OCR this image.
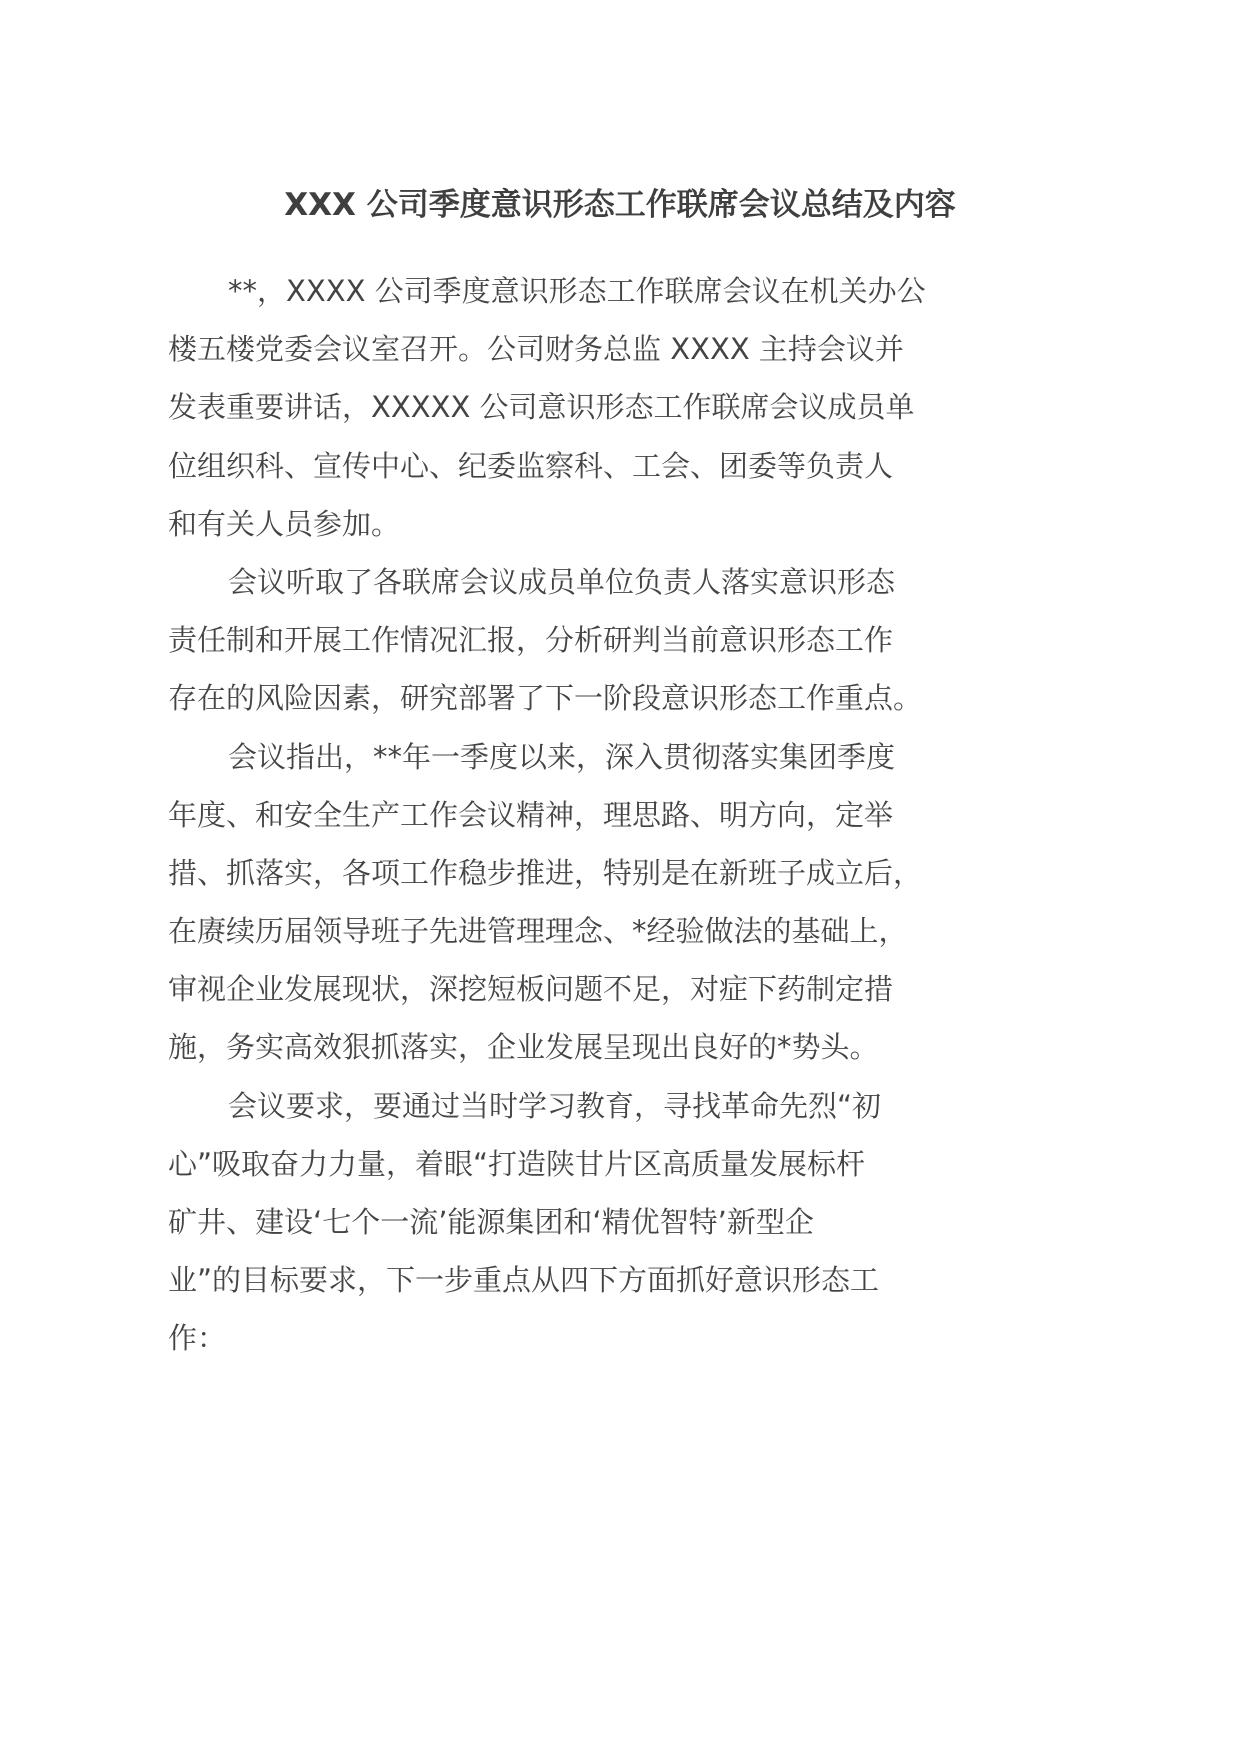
XXX 公司季度意识形态工作联席会议总结及内容
**，XXXX 公司季度意识形态工作联席会议在机关办公
楼五楼党委会议室召开。公司财务总监 XXXX 主持会议并
发表重要讲话，XXXXX 公司意识形态工作联席会议成员单
位组织科、宣传中心、纪委监察科、工会、团委等负责人
和有关人员参加。
会议听取了各联席会议成员单位负责人落实意识形态
责任制和开展工作情况汇报，分析研判当前意识形态工作
存在的风险因素，研究部署了下一阶段意识形态工作重点。
会议指出，**年一季度以来，深入贯彻落实集团季度
年度、和安全生产工作会议精神，理思路、明方向，定举
措、抓落实，各项工作稳步推进，特别是在新班子成立后，
在赓续历届领导班子先进管理理念、*经验做法的基础上，
审视企业发展现状，深挖短板问题不足，对症下药制定措
施，务实高效狠抓落实，企业发展呈现出良好的*势头。
会议要求，要通过当时学习教育，寻找革命先烈“初
心”吸取奋力力量，着眼“打造陕甘片区高质量发展标杆
矿井、建设‘七个一流’能源集团和‘精优智特’新型企
业”的目标要求，下一步重点从四下方面抓好意识形态工
作：
